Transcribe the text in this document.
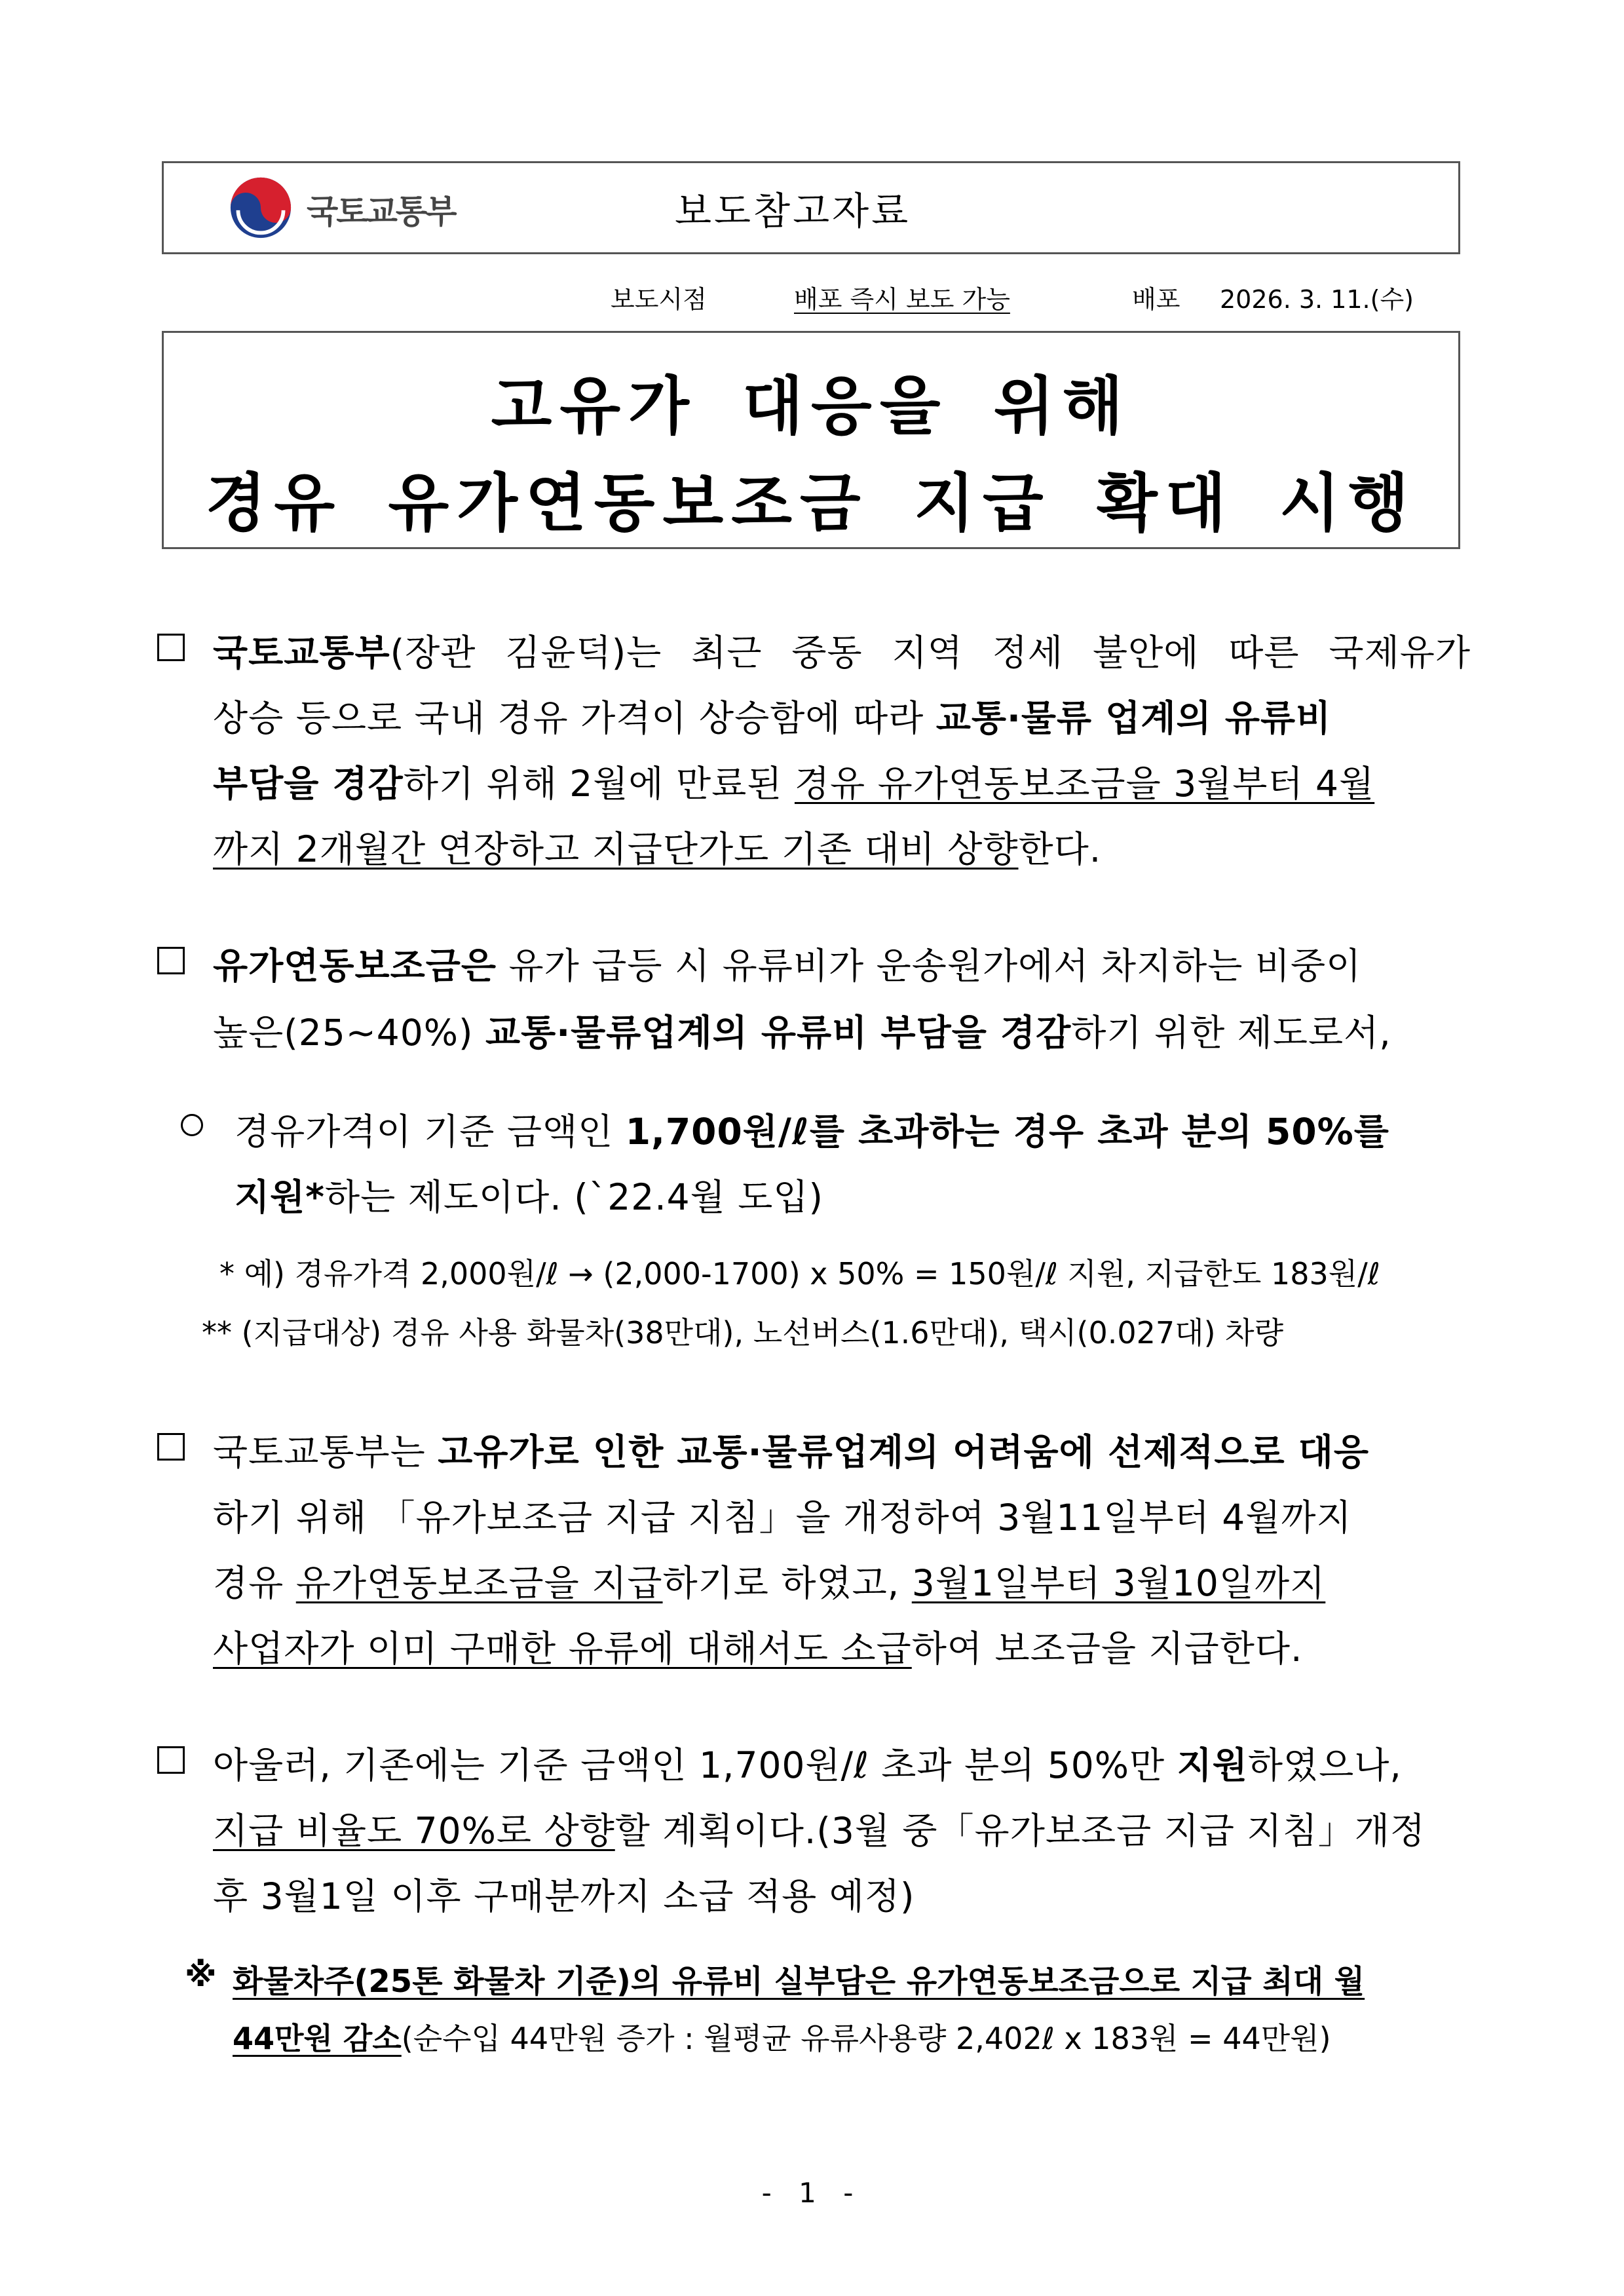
국토교통부	보도참고자료
보도시점	배포 즉시 보도 가능	배포 2026. 3. 11.(수)
고유가 대응을 위해
경유 유가연동보조금 지급 확대 시행
국토교통부(장관 김윤덕)는 최근 중동 지역 정세 불안에 따른 국제유가
상승 등으로 국내 경유 가격이 상승함에 따라 교통·물류 업계의 유류비
부담을 경감하기 위해 2월에 만료된 경유 유가연동보조금을 3월부터 4월
까지 2개월간 연장하고 지급단가도 기존 대비 상향한다.
유가연동보조금은 유가 급등 시 유류비가 운송원가에서 차지하는 비중이
높은(25~40%) 교통·물류업계의 유류비 부담을 경감하기 위한 제도로서,
경유가격이 기준 금액인 1,700원/ℓ를 초과하는 경우 초과 분의 50%를
지원*하는 제도이다. (`22.4월 도입)
* 예) 경유가격 2,000원/ℓ → (2,000-1700) x 50% = 150원/ℓ 지원, 지급한도 183원/ℓ
** (지급대상) 경유 사용 화물차(38만대), 노선버스(1.6만대), 택시(0.027대) 차량
국토교통부는 고유가로 인한 교통·물류업계의 어려움에 선제적으로 대응
하기 위해 「유가보조금 지급 지침」을 개정하여 3월11일부터 4월까지
경유 유가연동보조금을 지급하기로 하였고, 3월1일부터 3월10일까지
사업자가 이미 구매한 유류에 대해서도 소급하여 보조금을 지급한다.
아울러, 기존에는 기준 금액인 1,700원/ℓ 초과 분의 50%만 지원하였으나,
지급 비율도 70%로 상향할 계획이다.(3월 중「유가보조금 지급 지침」개정
후 3월1일 이후 구매분까지 소급 적용 예정)
※ 화물차주(25톤 화물차 기준)의 유류비 실부담은 유가연동보조금으로 지급 최대 월
44만원 감소(순수입 44만원 증가 : 월평균 유류사용량 2,402ℓ x 183원 = 44만원)
- 1 -
